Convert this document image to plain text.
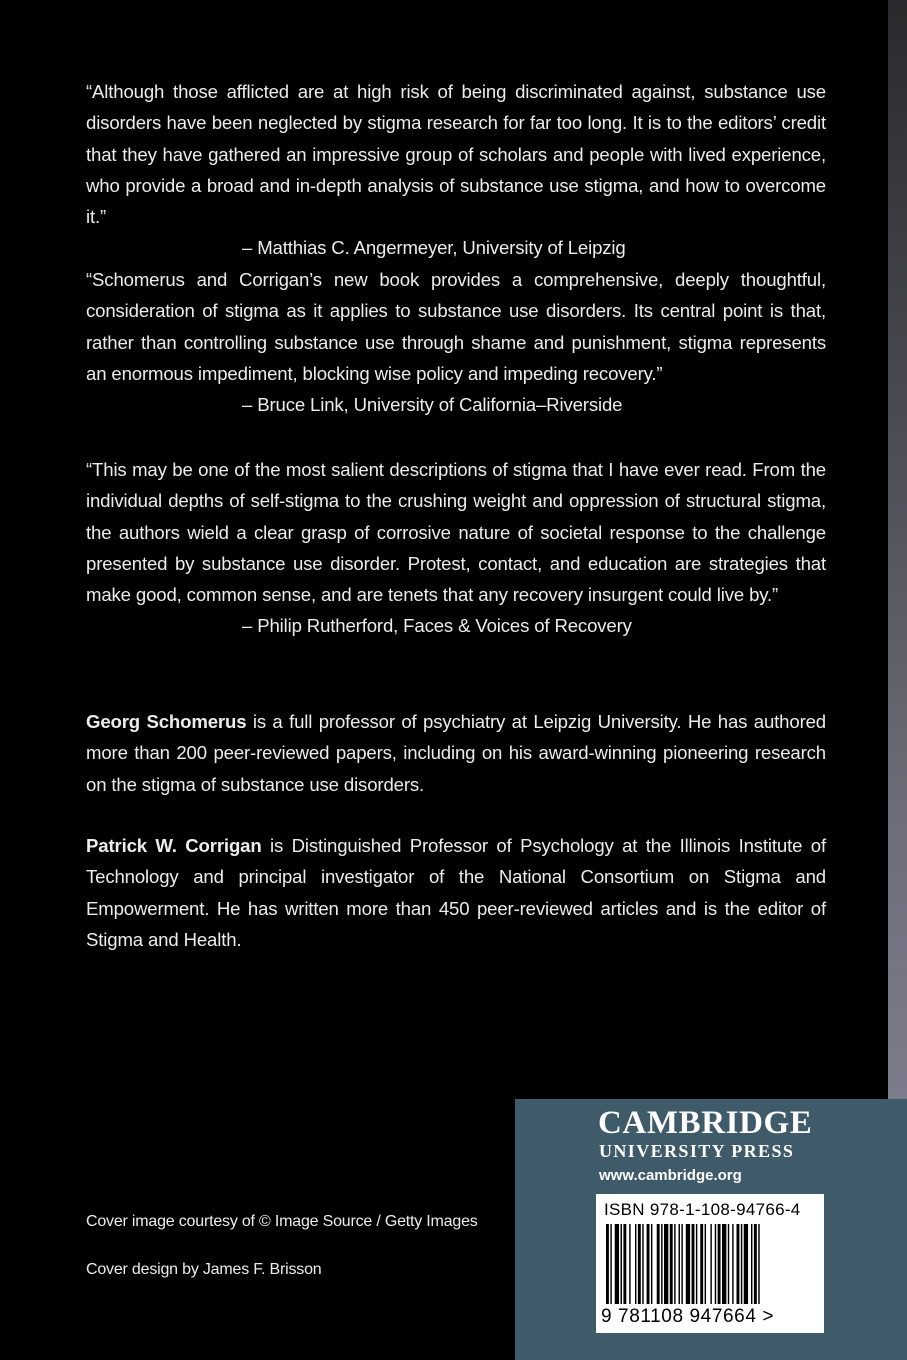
“Although those afflicted are at high risk of being discriminated against, substance use disorders have been neglected by stigma research for far too long. It is to the editors’ credit that they have gathered an impressive group of scholars and people with lived experience, who provide a broad and in-depth analysis of substance use stigma, and how to overcome it.”

– Matthias C. Angermeyer, University of Leipzig

“Schomerus and Corrigan’s new book provides a comprehensive, deeply thoughtful, consideration of stigma as it applies to substance use disorders. Its central point is that, rather than controlling substance use through shame and punishment, stigma represents an enormous impediment, blocking wise policy and impeding recovery.”

– Bruce Link, University of California–Riverside

“This may be one of the most salient descriptions of stigma that I have ever read. From the individual depths of self-stigma to the crushing weight and oppression of structural stigma, the authors wield a clear grasp of corrosive nature of societal response to the challenge presented by substance use disorder. Protest, contact, and education are strategies that make good, common sense, and are tenets that any recovery insurgent could live by.”

– Philip Rutherford, Faces & Voices of Recovery

Georg Schomerus is a full professor of psychiatry at Leipzig University. He has authored more than 200 peer-reviewed papers, including on his award-winning pioneering research on the stigma of substance use disorders.

Patrick W. Corrigan is Distinguished Professor of Psychology at the Illinois Institute of Technology and principal investigator of the National Consortium on Stigma and Empowerment. He has written more than 450 peer-reviewed articles and is the editor of Stigma and Health.

Cover image courtesy of © Image Source / Getty Images
Cover design by James F. Brisson
CAMBRIDGE
UNIVERSITY PRESS
www.cambridge.org
ISBN 978-1-108-94766-4
9 781108 947664 >
